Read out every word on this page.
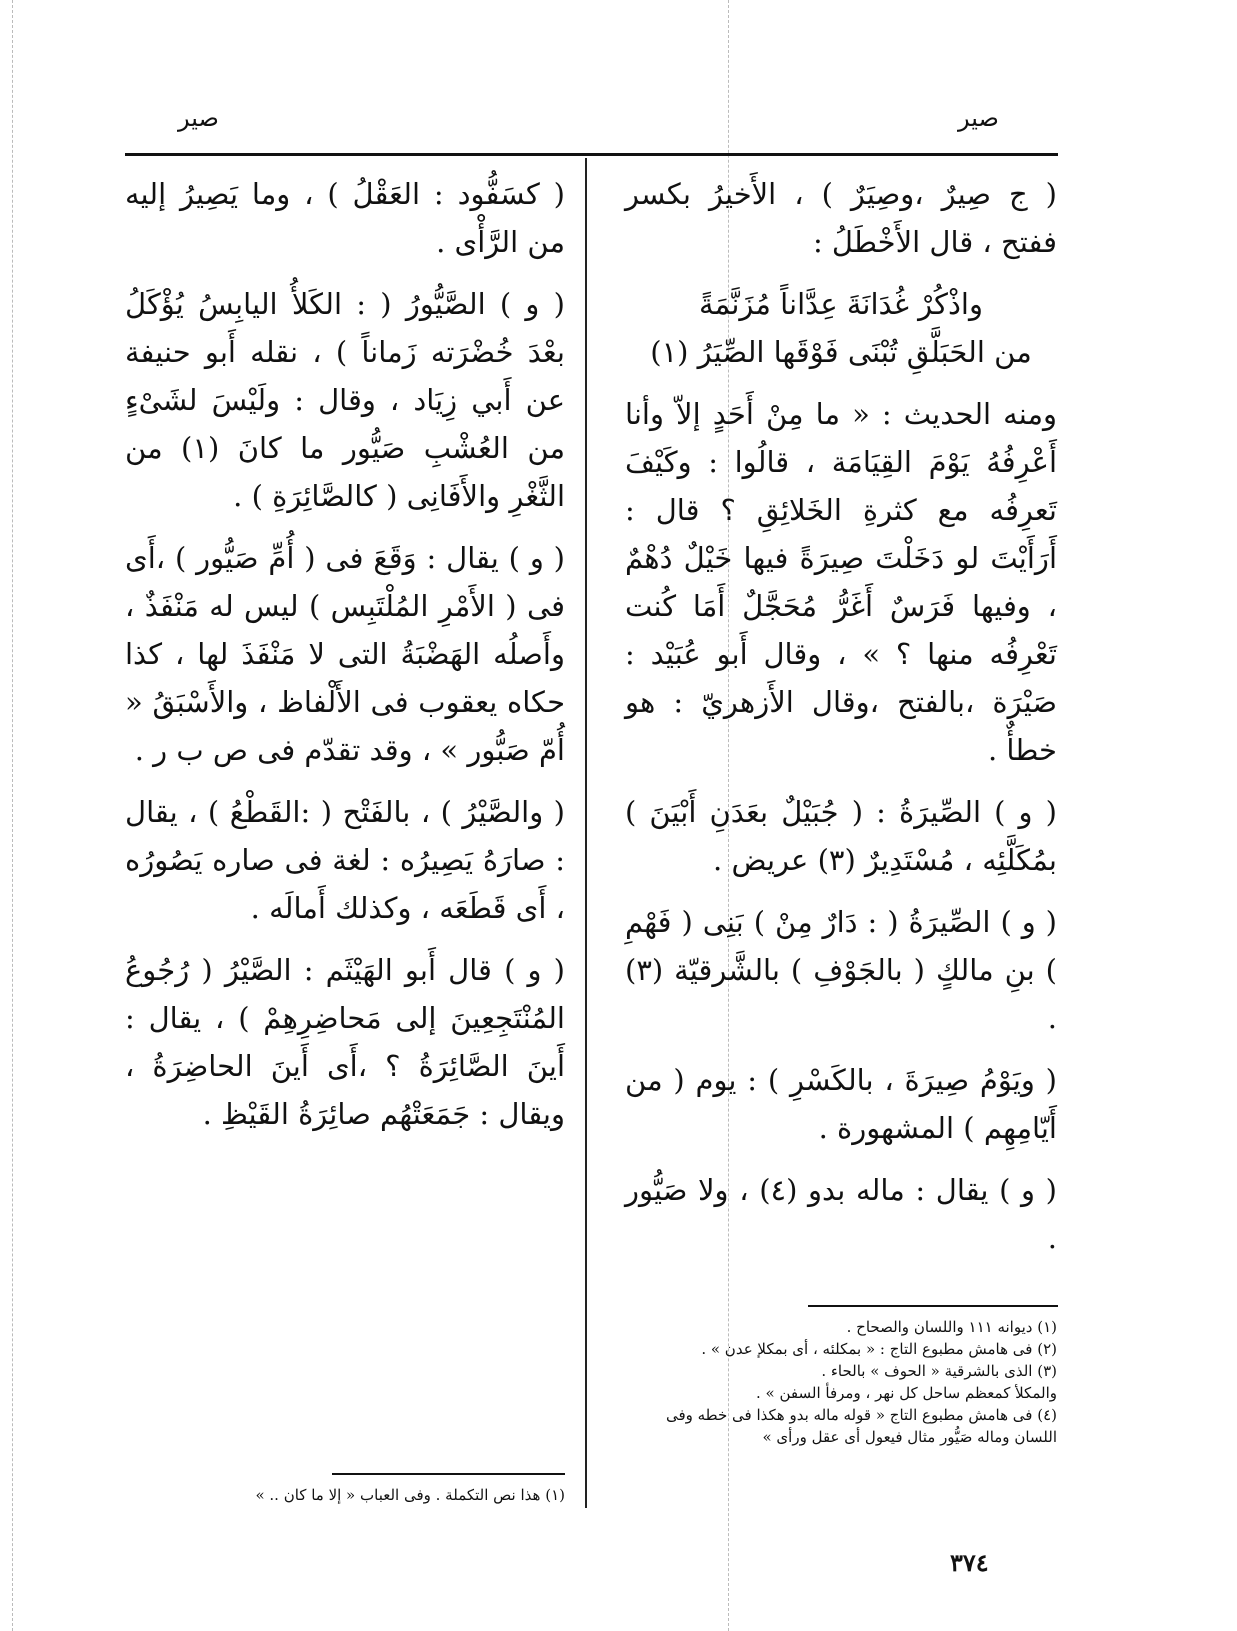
صير
صير

( ج صِيرٌ ،وصِيَرٌ ) ، الأَخيرُ بكسر ففتح ، قال الأَخْطَلُ :

واذْكُرْ غُدَانَةَ عِدَّاناً مُزَنَّمَةً
من الحَبَلَّقِ تُبْنَى فَوْقَها الصِّيَرُ (١)

ومنه الحديث : « ما مِنْ أَحَدٍ إلاّ وأنا أَعْرِفُهُ يَوْمَ القِيَامَة ، قالُوا : وكَيْفَ تَعرِفُه مع كثرةِ الخَلائِقِ ؟ قال : أَرَأَيْتَ لو دَخَلْتَ صِيرَةً فيها خَيْلٌ دُهْمٌ ، وفيها فَرَسٌ أَغَرُّ مُحَجَّلٌ أَمَا كُنت تَعْرِفُه منها ؟ » ، وقال أَبو عُبَيْد : صَيْرَة ،بالفتح ،وقال الأَزهريّ : هو خطأٌ .

( و ) الصِّيرَةُ : ( جُبَيْلٌ بعَدَنِ أَبْيَنَ ) بمُكَلَّئِه ، مُسْتَدِيرٌ (٣) عريض .

( و ) الصِّيرَةُ ( : دَارٌ مِنْ ) بَنِى ( فَهْمِ ) بنِ مالكٍ ( بالجَوْفِ ) بالشَّرقيّة (٣) .

( ويَوْمُ صِيرَةَ ، بالكَسْرِ ) : يوم ( من أَيّامِهِم ) المشهورة .

( و ) يقال : ماله بدو (٤) ، ولا صَيُّور .

( كسَفُّود : العَقْلُ ) ، وما يَصِيرُ إليه من الرَّأْى .

( و ) الصَّيُّورُ ( : الكَلأُ اليابِسُ يُؤْكَلُ بعْدَ خُضْرَته زَماناً ) ، نقله أَبو حنيفة عن أَبي زِيَاد ، وقال : ولَيْسَ لشَىْءٍ من العُشْبِ صَيُّور ما كانَ (١) من الثَّغْرِ والأَفَانِى ( كالصَّائِرَةِ ) .

( و ) يقال : وَقَعَ فى ( أُمِّ صَيُّور ) ،أَى فى ( الأَمْرِ المُلْتَبِس ) ليس له مَنْفَذٌ ، وأَصلُه الهَضْبَةُ التى لا مَنْفَذَ لها ، كذا حكاه يعقوب فى الأَلْفاظ ، والأَسْبَقُ « أُمّ صَبُّور » ، وقد تقدّم فى ص ب ر .

( والصَّيْرُ ) ، بالفَتْح ( :القَطْعُ ) ، يقال : صارَهُ يَصِيرُه : لغة فى صاره يَصُورُه ، أَى قَطَعَه ، وكذلك أَمالَه .

( و ) قال أَبو الهَيْثَم : الصَّيْرُ ( رُجُوعُ المُنْتَجِعِينَ إلى مَحاضِرِهِمْ ) ، يقال : أَينَ الصَّائِرَةُ ؟ ،أَى أَينَ الحاضِرَةُ ، ويقال : جَمَعَتْهُم صائِرَةُ القَيْظِ .

(١) ديوانه ١١١ واللسان والصحاح .

(٢) فى هامش مطبوع التاج : « بمكلئه ، أى بمكلإ عدن » .

(٣) الذى بالشرقية « الحوف » بالحاء .

والمكلأ كمعظم ساحل كل نهر ، ومرفأ السفن » .

(٤) فى هامش مطبوع التاج « قوله ماله بدو هكذا فى خطه وفى اللسان وماله صَيُّور مثال فيعول أى عقل ورأى »

(١) هذا نص التكملة . وفى العباب « إلا ما كان .. »

٣٧٤
